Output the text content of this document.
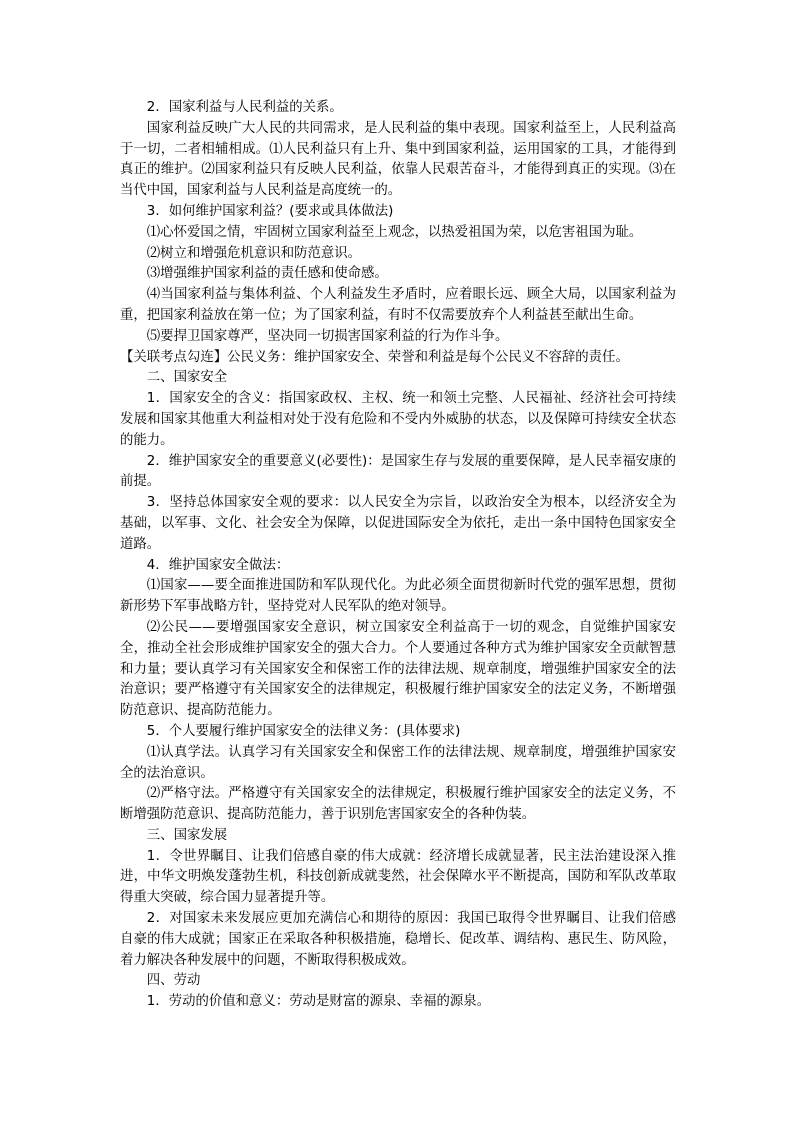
2．国家利益与人民利益的关系。

国家利益反映广大人民的共同需求，是人民利益的集中表现。国家利益至上，人民利益高于一切，二者相辅相成。⑴人民利益只有上升、集中到国家利益，运用国家的工具，才能得到真正的维护。⑵国家利益只有反映人民利益，依靠人民艰苦奋斗，才能得到真正的实现。⑶在当代中国，国家利益与人民利益是高度统一的。

3．如何维护国家利益？(要求或具体做法)

⑴心怀爱国之情，牢固树立国家利益至上观念，以热爱祖国为荣，以危害祖国为耻。

⑵树立和增强危机意识和防范意识。

⑶增强维护国家利益的责任感和使命感。

⑷当国家利益与集体利益、个人利益发生矛盾时，应着眼长远、顾全大局，以国家利益为重，把国家利益放在第一位；为了国家利益，有时不仅需要放弃个人利益甚至献出生命。

⑸要捍卫国家尊严，坚决同一切损害国家利益的行为作斗争。

【关联考点勾连】公民义务：维护国家安全、荣誉和利益是每个公民义不容辞的责任。

二、国家安全

1．国家安全的含义：指国家政权、主权、统一和领土完整、人民福祉、经济社会可持续发展和国家其他重大利益相对处于没有危险和不受内外威胁的状态，以及保障可持续安全状态的能力。

2．维护国家安全的重要意义(必要性)：是国家生存与发展的重要保障，是人民幸福安康的前提。

3．坚持总体国家安全观的要求：以人民安全为宗旨，以政治安全为根本，以经济安全为基础，以军事、文化、社会安全为保障，以促进国际安全为依托，走出一条中国特色国家安全道路。

4．维护国家安全做法：

⑴国家——要全面推进国防和军队现代化。为此必须全面贯彻新时代党的强军思想，贯彻新形势下军事战略方针，坚持党对人民军队的绝对领导。

⑵公民——要增强国家安全意识，树立国家安全利益高于一切的观念，自觉维护国家安全，推动全社会形成维护国家安全的强大合力。个人要通过各种方式为维护国家安全贡献智慧和力量；要认真学习有关国家安全和保密工作的法律法规、规章制度，增强维护国家安全的法治意识；要严格遵守有关国家安全的法律规定，积极履行维护国家安全的法定义务，不断增强防范意识、提高防范能力。

5．个人要履行维护国家安全的法律义务：(具体要求)

⑴认真学法。认真学习有关国家安全和保密工作的法律法规、规章制度，增强维护国家安全的法治意识。

⑵严格守法。严格遵守有关国家安全的法律规定，积极履行维护国家安全的法定义务，不断增强防范意识、提高防范能力，善于识别危害国家安全的各种伪装。

三、国家发展

1．令世界瞩目、让我们倍感自豪的伟大成就：经济增长成就显著，民主法治建设深入推进，中华文明焕发蓬勃生机，科技创新成就斐然，社会保障水平不断提高，国防和军队改革取得重大突破，综合国力显著提升等。

2．对国家未来发展应更加充满信心和期待的原因：我国已取得令世界瞩目、让我们倍感自豪的伟大成就；国家正在采取各种积极措施，稳增长、促改革、调结构、惠民生、防风险，着力解决各种发展中的问题，不断取得积极成效。

四、劳动

1．劳动的价值和意义：劳动是财富的源泉、幸福的源泉。
